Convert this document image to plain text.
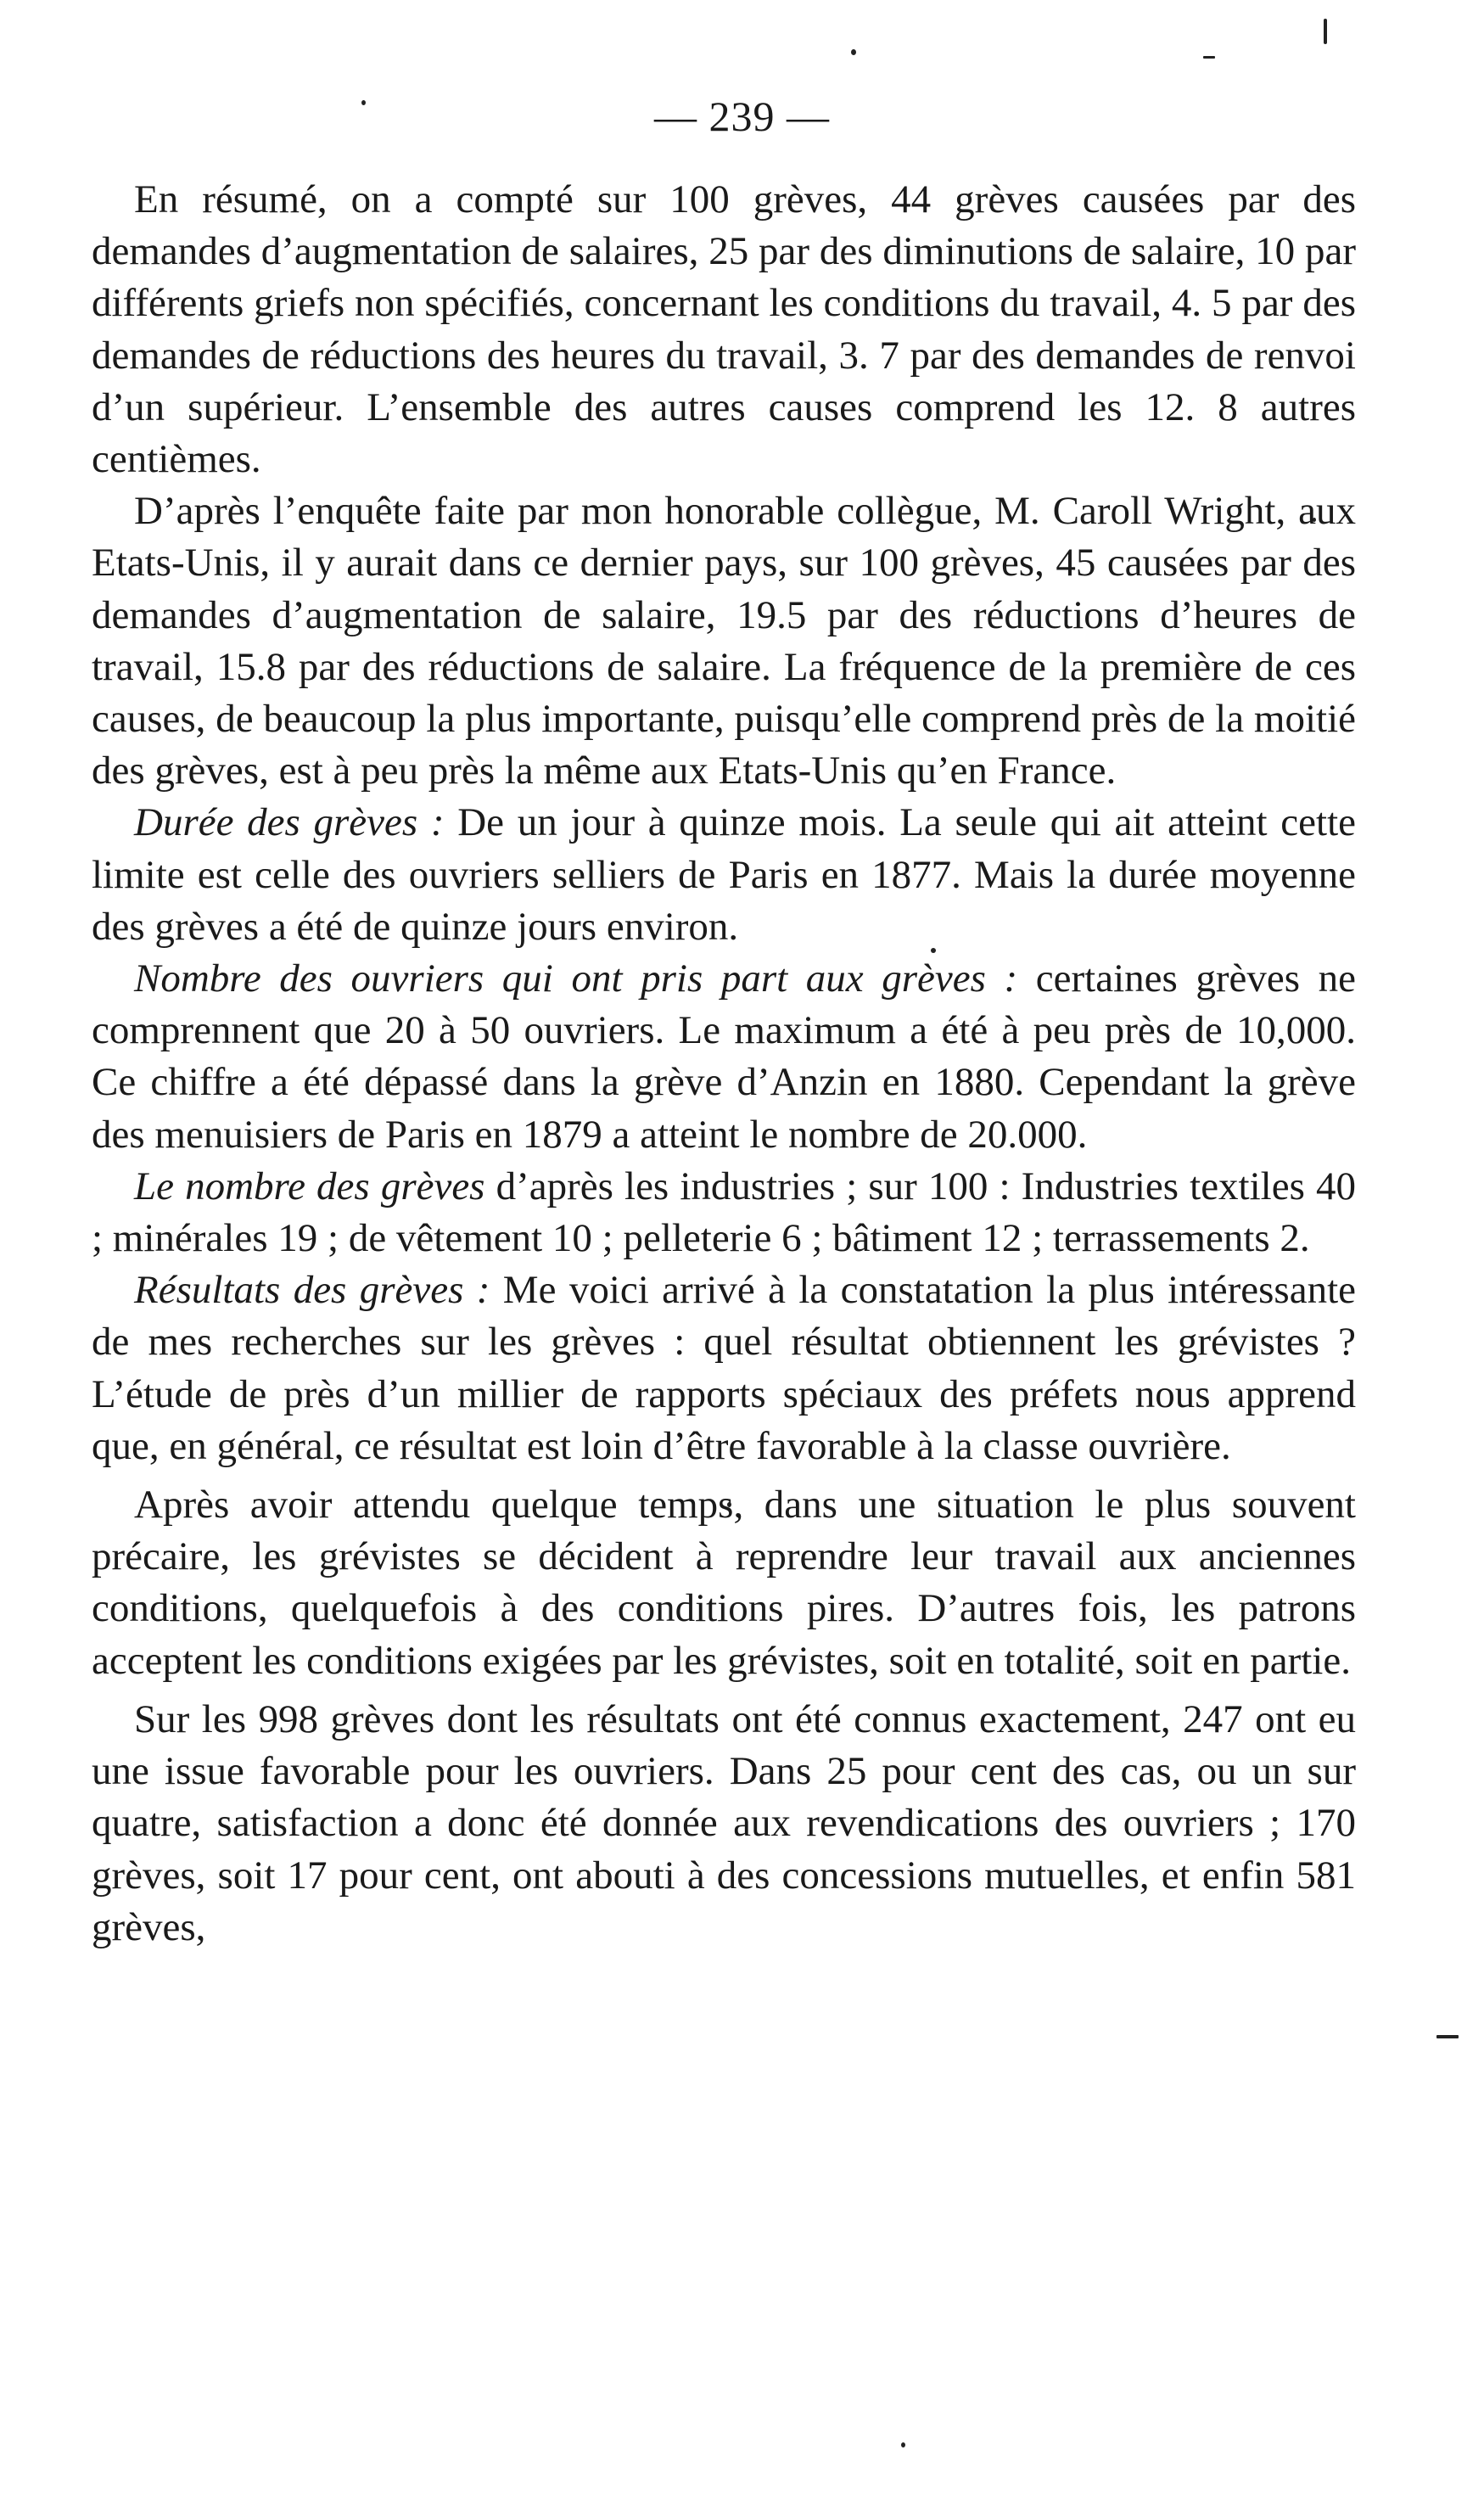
— 239 —

En résumé, on a compté sur 100 grèves, 44 grèves causées par des demandes d’augmentation de salaires, 25 par des diminutions de salaire, 10 par différents griefs non spécifiés, concernant les conditions du travail, 4. 5 par des demandes de réductions des heures du travail, 3. 7 par des demandes de renvoi d’un supérieur. L’ensemble des autres causes comprend les 12. 8 autres centièmes.

D’après l’enquête faite par mon honorable collègue, M. Caroll Wright, aux Etats-Unis, il y aurait dans ce dernier pays, sur 100 grèves, 45 causées par des demandes d’augmentation de salaire, 19.5 par des réductions d’heures de travail, 15.8 par des réductions de salaire. La fréquence de la première de ces causes, de beaucoup la plus importante, puisqu’elle comprend près de la moitié des grèves, est à peu près la même aux Etats-Unis qu’en France.

Durée des grèves : De un jour à quinze mois. La seule qui ait atteint cette limite est celle des ouvriers selliers de Paris en 1877. Mais la durée moyenne des grèves a été de quinze jours environ.

Nombre des ouvriers qui ont pris part aux grèves : certaines grèves ne comprennent que 20 à 50 ouvriers. Le maximum a été à peu près de 10,000. Ce chiffre a été dépassé dans la grève d’Anzin en 1880. Cependant la grève des menuisiers de Paris en 1879 a atteint le nombre de 20.000.

Le nombre des grèves d’après les industries ; sur 100 : Industries textiles 40 ; minérales 19 ; de vêtement 10 ; pelleterie 6 ; bâtiment 12 ; terrassements 2.

Résultats des grèves : Me voici arrivé à la constatation la plus intéressante de mes recherches sur les grèves : quel résultat obtiennent les grévistes ? L’étude de près d’un millier de rapports spéciaux des préfets nous apprend que, en général, ce résultat est loin d’être favorable à la classe ouvrière.

Après avoir attendu quelque temps, dans une situation le plus souvent précaire, les grévistes se décident à reprendre leur travail aux anciennes conditions, quelquefois à des conditions pires. D’autres fois, les patrons acceptent les conditions exigées par les grévistes, soit en totalité, soit en partie.

Sur les 998 grèves dont les résultats ont été connus exactement, 247 ont eu une issue favorable pour les ouvriers. Dans 25 pour cent des cas, ou un sur quatre, satisfaction a donc été donnée aux revendications des ouvriers ; 170 grèves, soit 17 pour cent, ont abouti à des concessions mutuelles, et enfin 581 grèves,
